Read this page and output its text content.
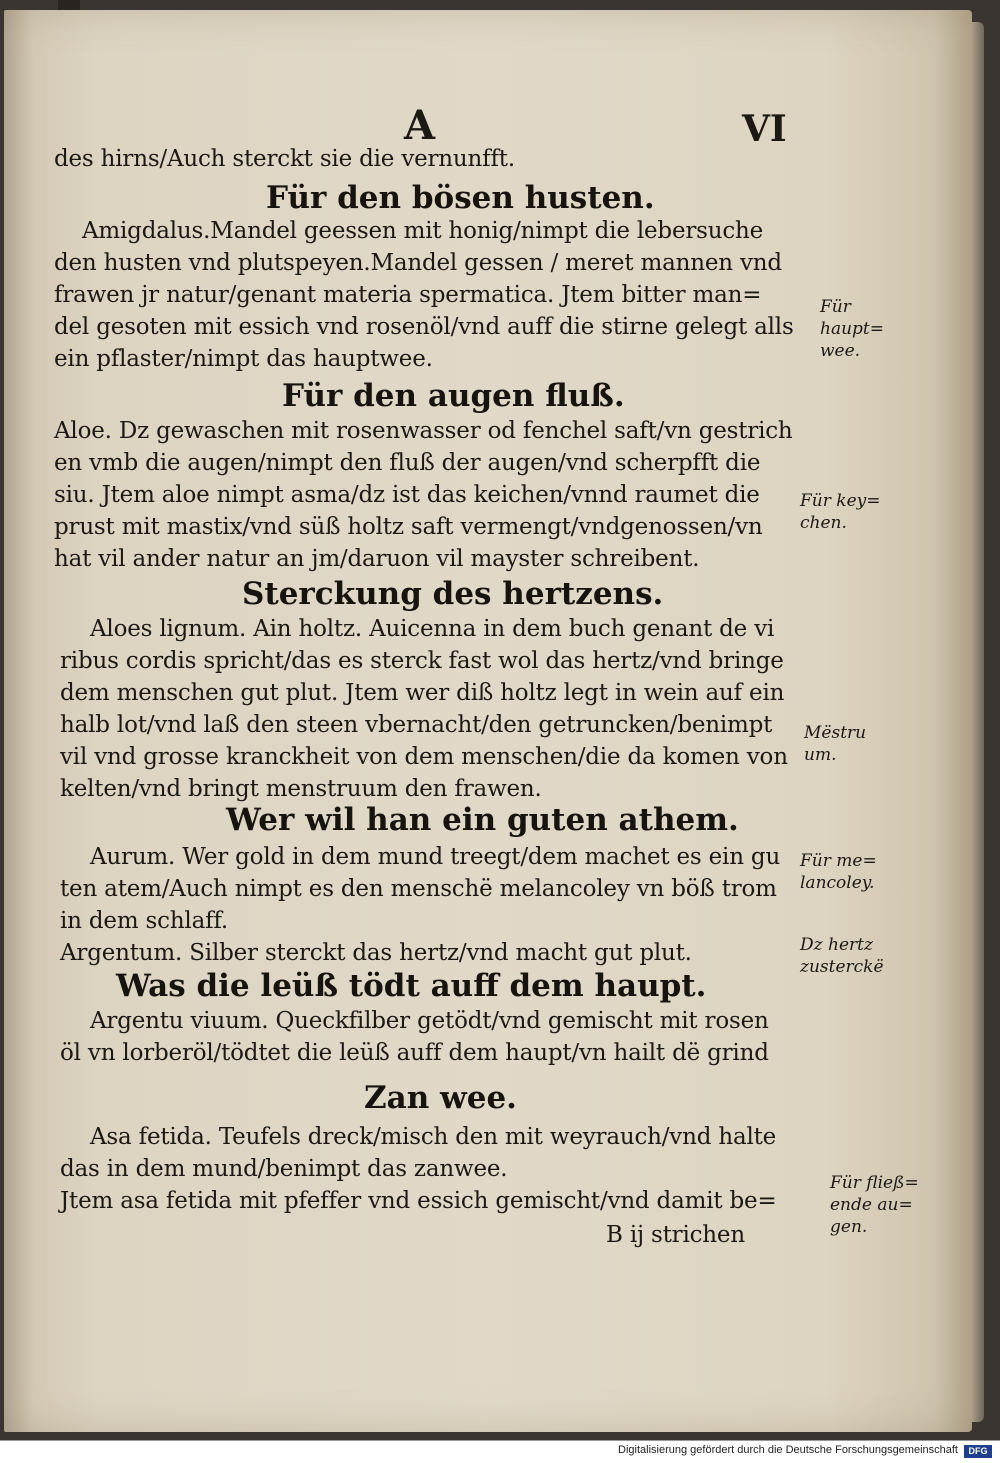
A	VI
des hirns/Auch sterckt sie die vernunfft.
Für den bösen husten.
Amigdalus.Mandel geessen mit honig/nimpt die lebersuche
den husten vnd plutspeyen.Mandel gessen / meret mannen vnd
frawen jr natur/genant materia spermatica. Jtem bitter man=
del gesoten mit essich vnd rosenöl/vnd auff die stirne gelegt alls
ein pflaster/nimpt das hauptwee.
Für den augen fluß.
Aloe. Dz gewaschen mit rosenwasser od fenchel saft/vn gestrich
en vmb die augen/nimpt den fluß der augen/vnd scherpfft die
siu. Jtem aloe nimpt asma/dz ist das keichen/vnnd raumet die
prust mit mastix/vnd süß holtz saft vermengt/vndgenossen/vn
hat vil ander natur an jm/daruon vil mayster schreibent.
Sterckung des hertzens.
Aloes lignum. Ain holtz. Auicenna in dem buch genant de vi
ribus cordis spricht/das es sterck fast wol das hertz/vnd bringe
dem menschen gut plut. Jtem wer diß holtz legt in wein auf ein
halb lot/vnd laß den steen vbernacht/den getruncken/benimpt
vil vnd grosse kranckheit von dem menschen/die da komen von
kelten/vnd bringt menstruum den frawen.
Wer wil han ein guten athem.
Aurum. Wer gold in dem mund treegt/dem machet es ein gu
ten atem/Auch nimpt es den menschë melancoley vn böß trom
in dem schlaff.
Argentum. Silber sterckt das hertz/vnd macht gut plut.
Was die leüß tödt auff dem haupt.
Argentu viuum. Queckfilber getödt/vnd gemischt mit rosen
öl vn lorberöl/tödtet die leüß auff dem haupt/vn hailt dë grind
Zan wee.
Asa fetida. Teufels dreck/misch den mit weyrauch/vnd halte
das in dem mund/benimpt das zanwee.
Jtem asa fetida mit pfeffer vnd essich gemischt/vnd damit be=
B ij strichen
Für
haupt=
wee.
Für key=
chen.
Mëstru
um.
Für me=
lancoley.
Dz hertz
zusterckë
Für fließ=
ende au=
gen.
Digitalisierung gefördert durch die Deutsche Forschungsgemeinschaft	DFG
